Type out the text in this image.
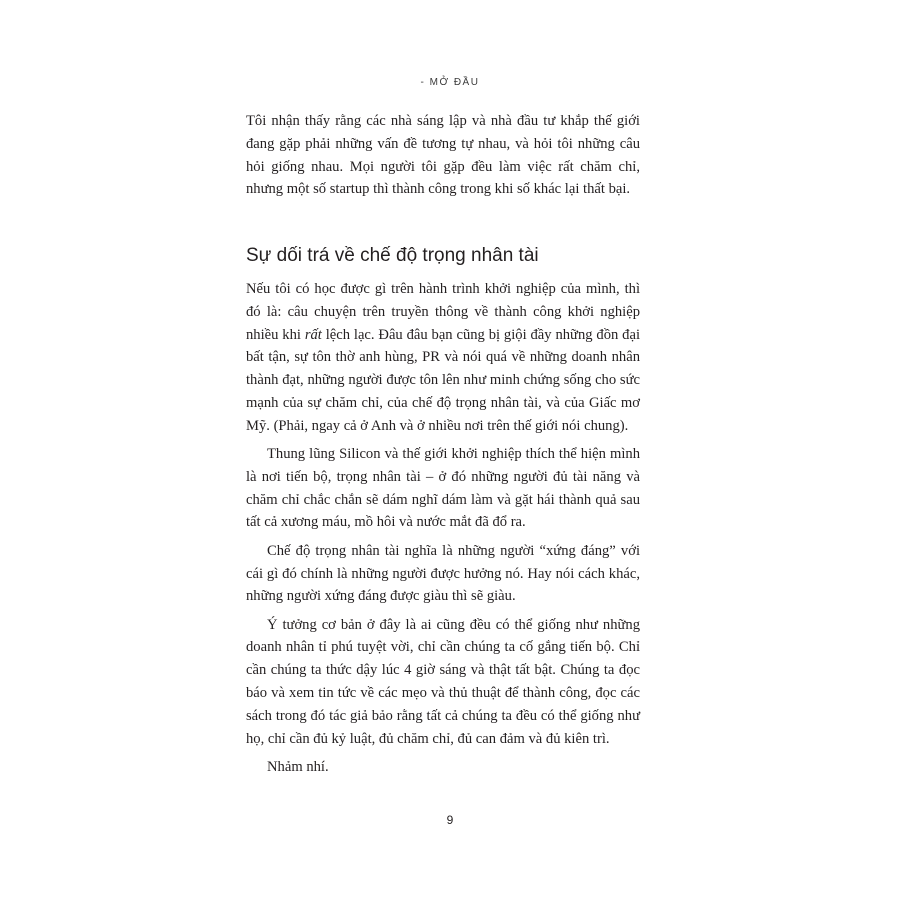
- MỞ ĐẦU

Tôi nhận thấy rằng các nhà sáng lập và nhà đầu tư khắp thế giới đang gặp phải những vấn đề tương tự nhau, và hỏi tôi những câu hỏi giống nhau. Mọi người tôi gặp đều làm việc rất chăm chỉ, nhưng một số startup thì thành công trong khi số khác lại thất bại.

Sự dối trá về chế độ trọng nhân tài

Nếu tôi có học được gì trên hành trình khởi nghiệp của mình, thì đó là: câu chuyện trên truyền thông về thành công khởi nghiệp nhiều khi rất lệch lạc. Đâu đâu bạn cũng bị giội đầy những đồn đại bất tận, sự tôn thờ anh hùng, PR và nói quá về những doanh nhân thành đạt, những người được tôn lên như minh chứng sống cho sức mạnh của sự chăm chỉ, của chế độ trọng nhân tài, và của Giấc mơ Mỹ. (Phải, ngay cả ở Anh và ở nhiều nơi trên thế giới nói chung).

Thung lũng Silicon và thế giới khởi nghiệp thích thể hiện mình là nơi tiến bộ, trọng nhân tài – ở đó những người đủ tài năng và chăm chỉ chắc chắn sẽ dám nghĩ dám làm và gặt hái thành quả sau tất cả xương máu, mồ hôi và nước mắt đã đổ ra.

Chế độ trọng nhân tài nghĩa là những người “xứng đáng” với cái gì đó chính là những người được hưởng nó. Hay nói cách khác, những người xứng đáng được giàu thì sẽ giàu.

Ý tưởng cơ bản ở đây là ai cũng đều có thể giống như những doanh nhân tỉ phú tuyệt vời, chỉ cần chúng ta cố gắng tiến bộ. Chỉ cần chúng ta thức dậy lúc 4 giờ sáng và thật tất bật. Chúng ta đọc báo và xem tin tức về các mẹo và thủ thuật để thành công, đọc các sách trong đó tác giả bảo rằng tất cả chúng ta đều có thể giống như họ, chỉ cần đủ kỷ luật, đủ chăm chỉ, đủ can đảm và đủ kiên trì.

Nhảm nhí.

9
